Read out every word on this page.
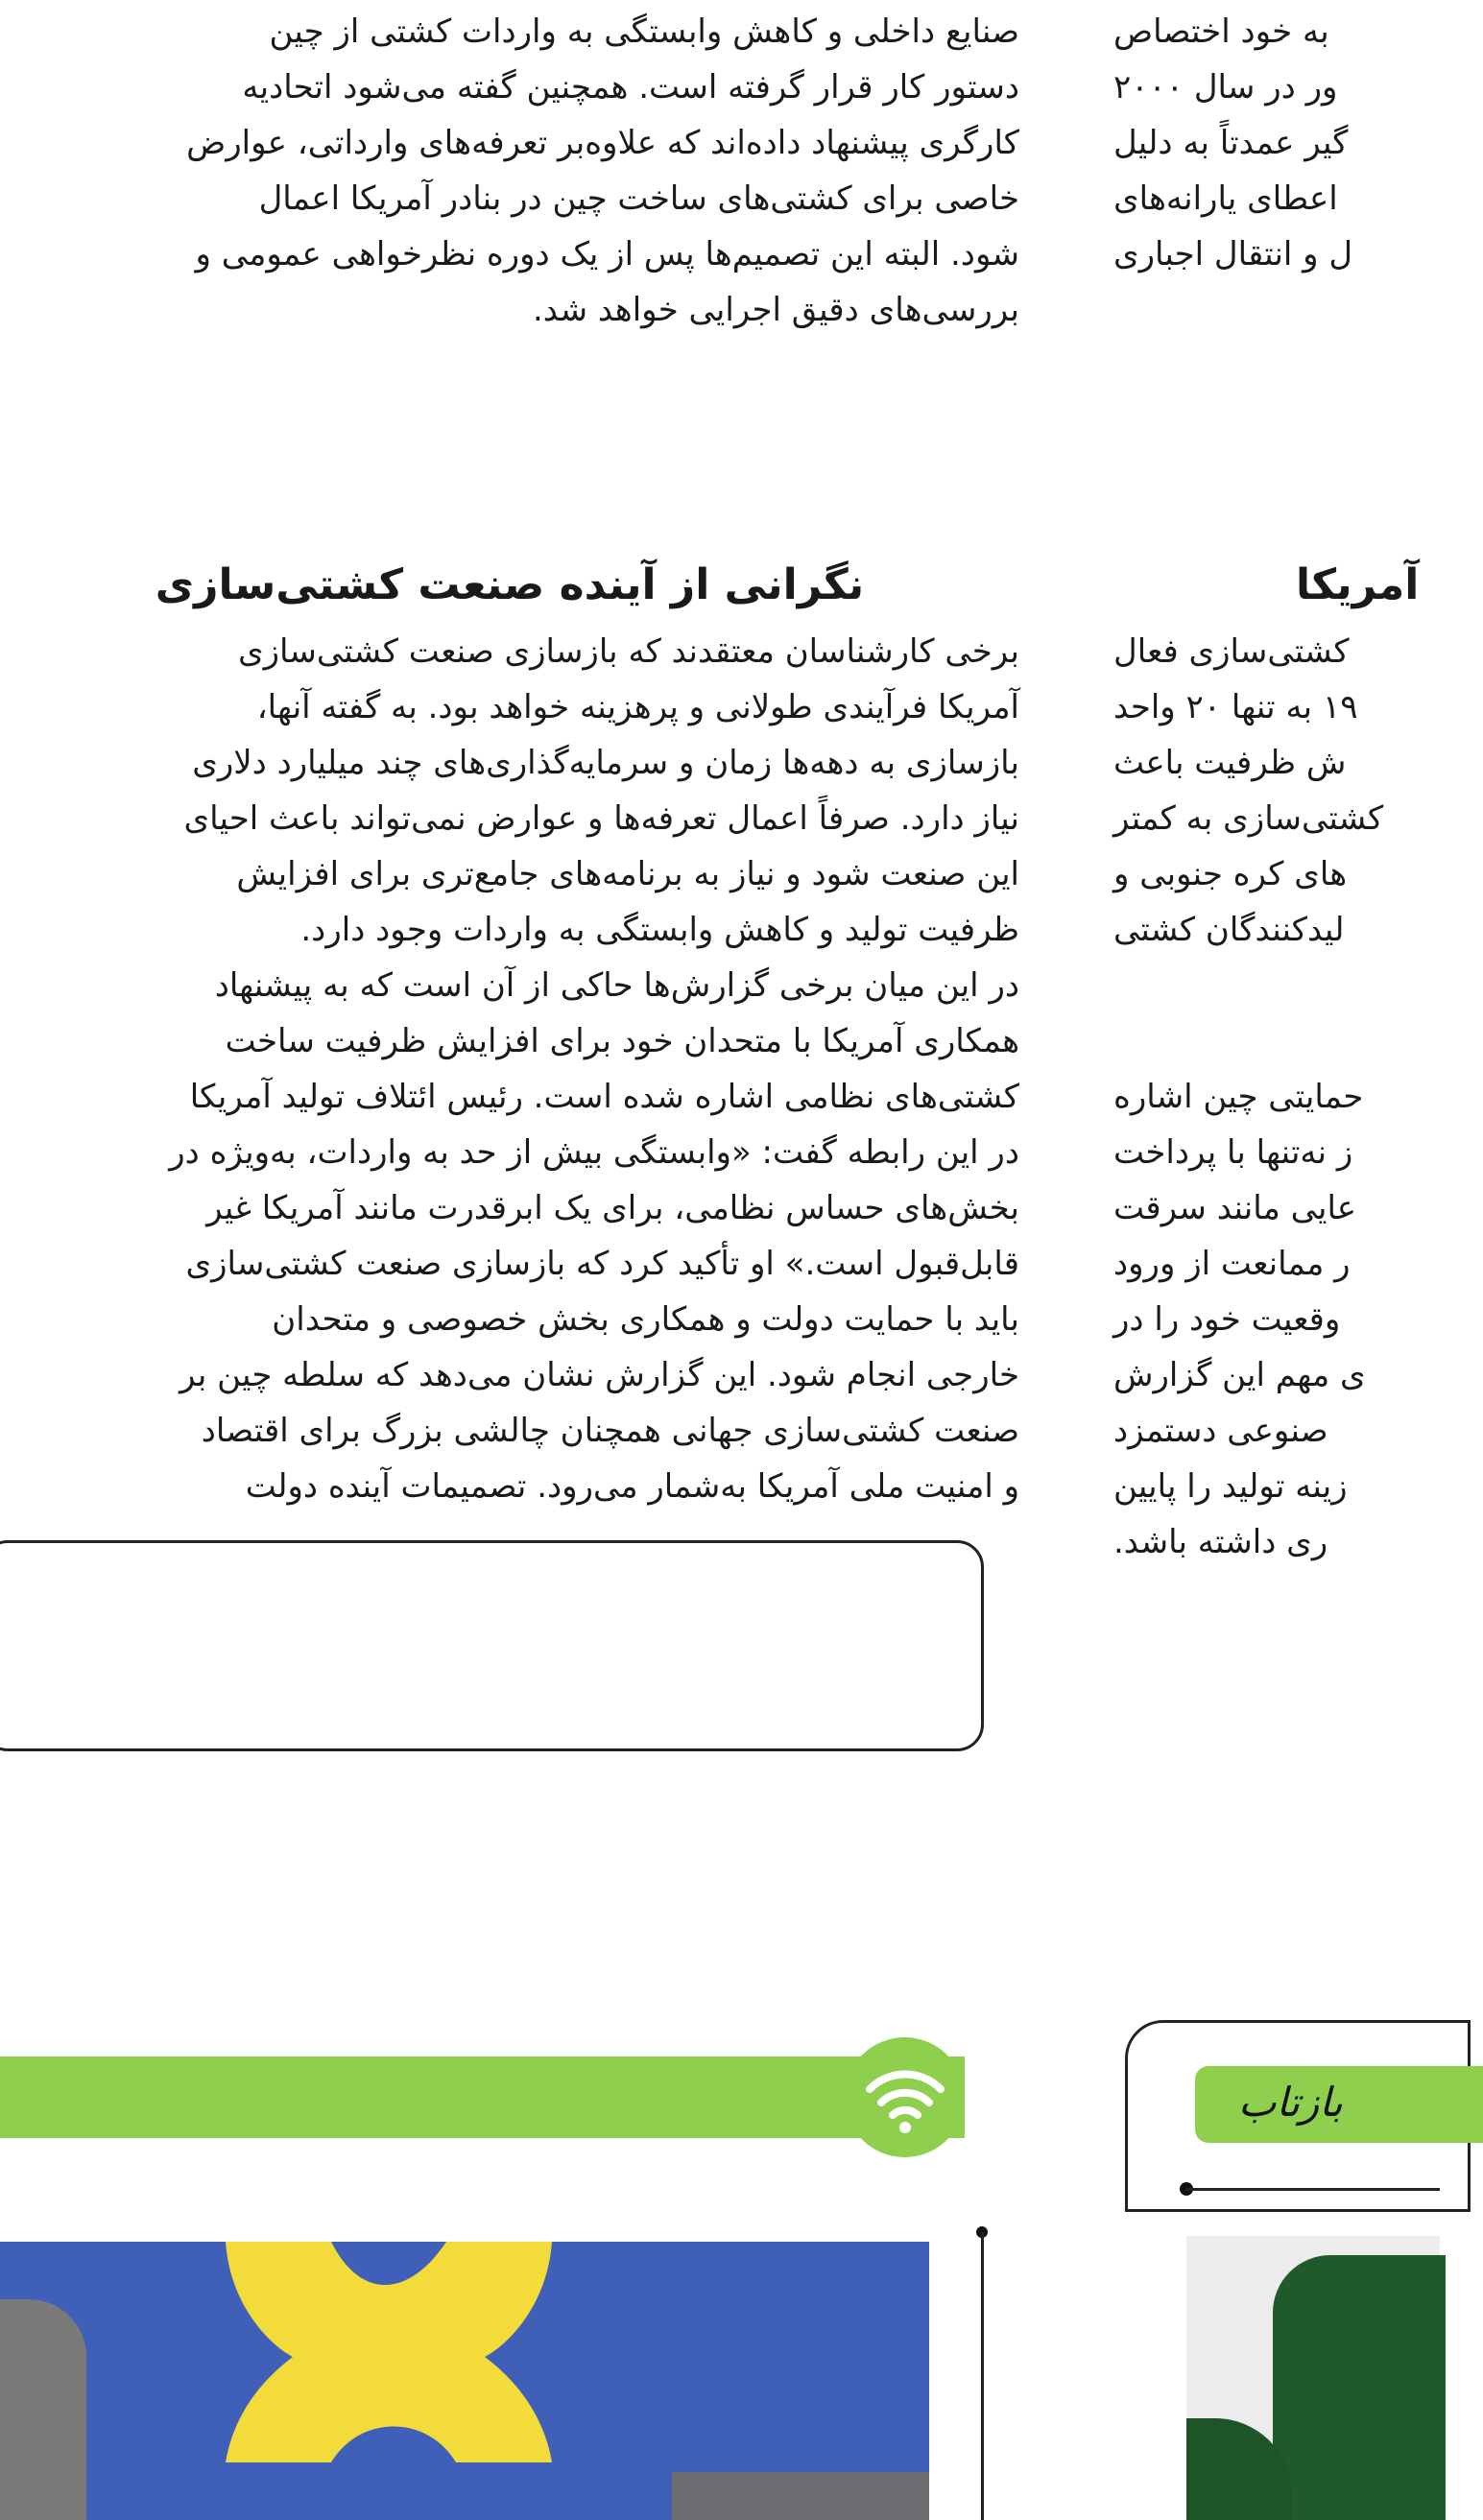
صنایع داخلی و کاهش وابستگی به واردات کشتی از چین
دستور کار قرار گرفته است. همچنین گفته می‌شود اتحادیه
کارگری پیشنهاد داده‌اند که علاوه‌بر تعرفه‌های وارداتی، عوارض
خاصی برای کشتی‌های ساخت چین در بنادر آمریکا اعمال
شود. البته این تصمیم‌ها پس از یک دوره نظرخواهی عمومی و
بررسی‌های دقیق اجرایی خواهد شد.
نگرانی از آینده صنعت کشتی‌سازی
برخی کارشناسان معتقدند که بازسازی صنعت کشتی‌سازی
آمریکا فرآیندی طولانی و پرهزینه خواهد بود. به گفته آنها،
بازسازی به دهه‌ها زمان و سرمایه‌گذاری‌های چند میلیارد دلاری
نیاز دارد. صرفاً اعمال تعرفه‌ها و عوارض نمی‌تواند باعث احیای
این صنعت شود و نیاز به برنامه‌های جامع‌تری برای افزایش
ظرفیت تولید و کاهش وابستگی به واردات وجود دارد.
در این میان برخی گزارش‌ها حاکی از آن است که به پیشنهاد
همکاری آمریکا با متحدان خود برای افزایش ظرفیت ساخت
کشتی‌های نظامی اشاره شده است. رئیس ائتلاف تولید آمریکا
در این رابطه گفت: «وابستگی بیش از حد به واردات، به‌ویژه در
بخش‌های حساس نظامی، برای یک ابرقدرت مانند آمریکا غیر
قابل‌قبول است.» او تأکید کرد که بازسازی صنعت کشتی‌سازی
باید با حمایت دولت و همکاری بخش خصوصی و متحدان
خارجی انجام شود. این گزارش نشان می‌دهد که سلطه چین بر
صنعت کشتی‌سازی جهانی همچنان چالشی بزرگ برای اقتصاد
و امنیت ملی آمریکا به‌شمار می‌رود. تصمیمات آینده دولت
به خود اختصاص
ور در سال ۲۰۰۰
گیر عمدتاً به دلیل
اعطای یارانه‌های
ل و انتقال اجباری
آمریکا
کشتی‌سازی فعال
۱۹ به تنها ۲۰ واحد
ش ظرفیت باعث
کشتی‌سازی به کمتر
های کره جنوبی و
لیدکنندگان کشتی
حمایتی چین اشاره
ز نه‌تنها با پرداخت
عایی مانند سرقت
ر ممانعت از ورود
وقعیت خود را در
ی مهم این گزارش
صنوعی دستمزد
زینه تولید را پایین
ری داشته باشد.
بازتاب
